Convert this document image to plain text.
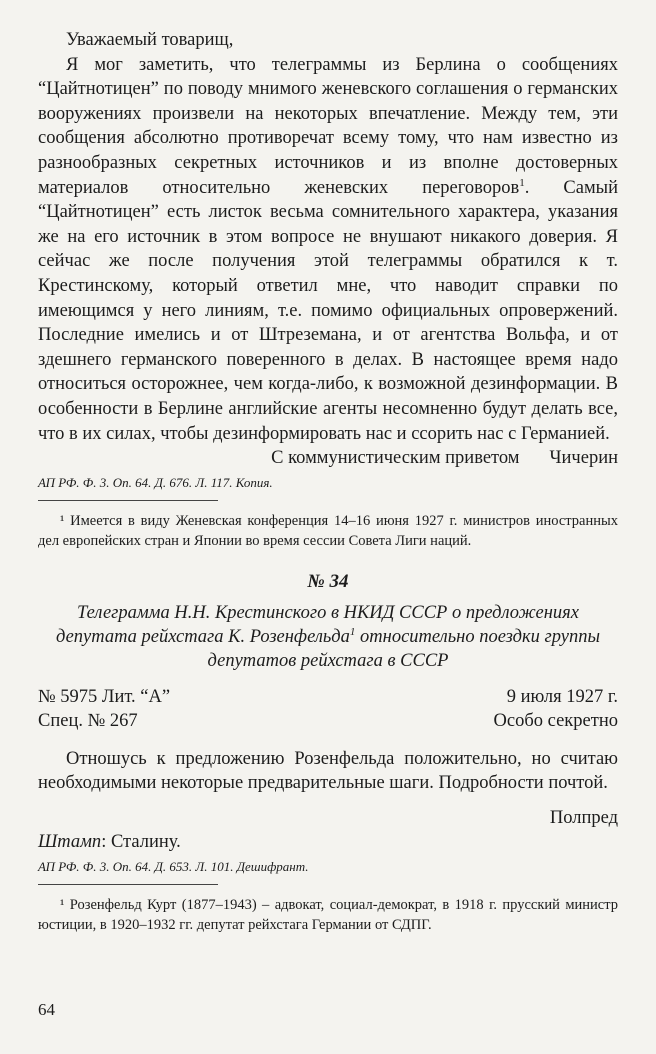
Уважаемый товарищ,

Я мог заметить, что телеграммы из Берлина о сообщениях “Цайтнотицен” по поводу мнимого женевского соглашения о германских вооружениях произвели на некоторых впечатление. Между тем, эти сообщения абсолютно противоречат всему тому, что нам известно из разнообразных секретных источников и из вполне достоверных материалов относительно женевских переговоров$^1$. Самый “Цайтнотицен” есть листок весьма сомнительного характера, указания же на его источник в этом вопросе не внушают никакого доверия. Я сейчас же после получения этой телеграммы обратился к т. Крестинскому, который ответил мне, что наводит справки по имеющимся у него линиям, т.е. помимо официальных опровержений. Последние имелись и от Штреземана, и от агентства Вольфа, и от здешнего германского поверенного в делах. В настоящее время надо относиться осторожнее, чем когда-либо, к возможной дезинформации. В особенности в Берлине английские агенты несомненно будут делать все, что в их силах, чтобы дезинформировать нас и ссорить нас с Германией.

С коммунистическим приветом Чичерин
АП РФ. Ф. 3. Оп. 64. Д. 676. Л. 117. Копия.

¹ Имеется в виду Женевская конференция 14–16 июня 1927 г. министров иностранных дел европейских стран и Японии во время сессии Совета Лиги наций.

№ 34

Телеграмма Н.Н. Крестинского в НКИД СССР о предложениях депутата рейхстага К. Розенфельда$^1$ относительно поездки группы депутатов рейхстага в СССР

№ 5975 Лит. “А”	9 июля 1927 г.
Спец. № 267	Особо секретно

Отношусь к предложению Розенфельда положительно, но считаю необходимыми некоторые предварительные шаги. Подробности почтой.

Полпред
Штамп: Сталину.
АП РФ. Ф. 3. Оп. 64. Д. 653. Л. 101. Дешифрант.

¹ Розенфельд Курт (1877–1943) – адвокат, социал-демократ, в 1918 г. прусский министр юстиции, в 1920–1932 гг. депутат рейхстага Германии от СДПГ.

64
